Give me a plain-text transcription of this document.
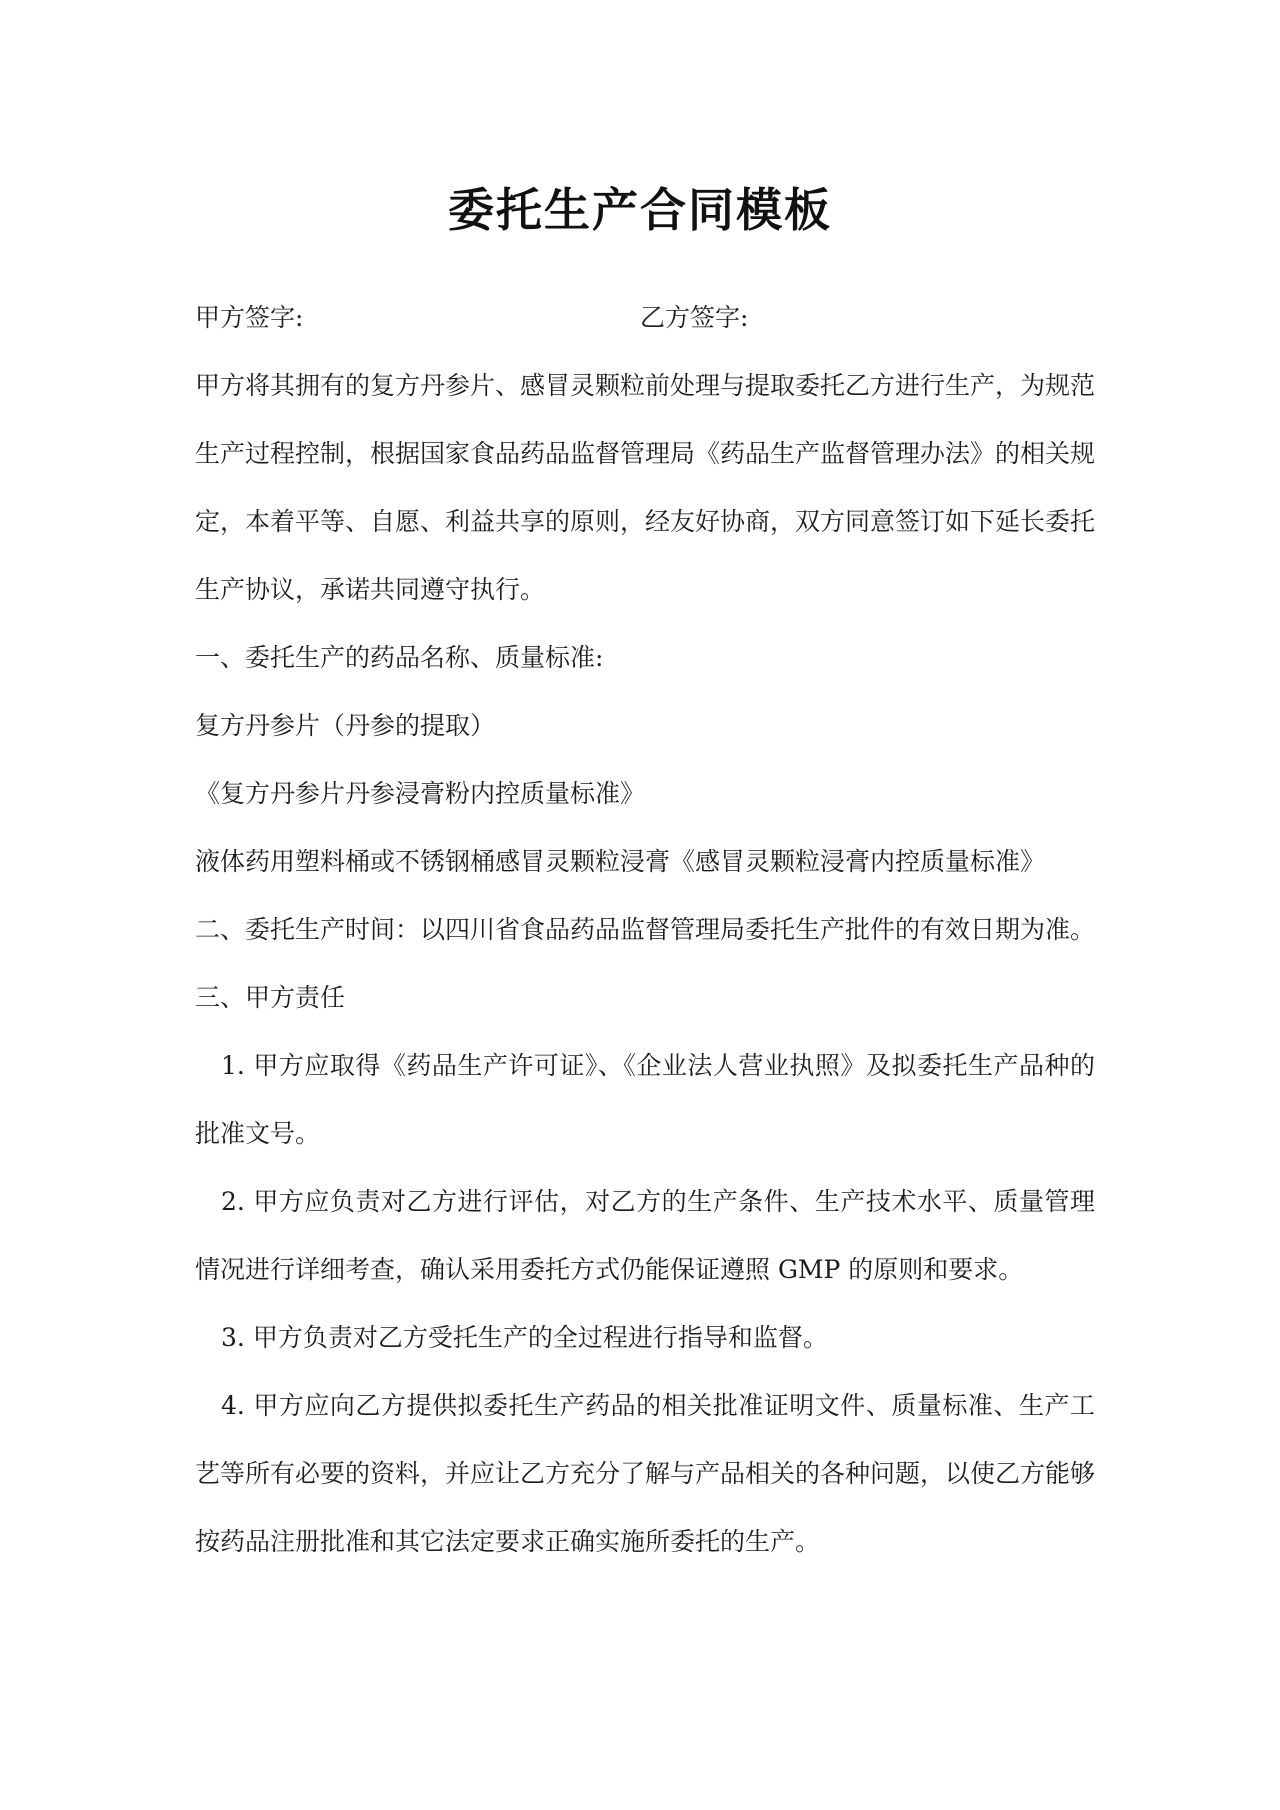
委托生产合同模板
甲方签字:	乙方签字:

甲方将其拥有的复方丹参片、感冒灵颗粒前处理与提取委托乙方进行生产，为规范生产过程控制，根据国家食品药品监督管理局《药品生产监督管理办法》的相关规定，本着平等、自愿、利益共享的原则，经友好协商，双方同意签订如下延长委托生产协议，承诺共同遵守执行。

一、委托生产的药品名称、质量标准:

复方丹参片（丹参的提取）

《复方丹参片丹参浸膏粉内控质量标准》

液体药用塑料桶或不锈钢桶感冒灵颗粒浸膏《感冒灵颗粒浸膏内控质量标准》

二、委托生产时间：以四川省食品药品监督管理局委托生产批件的有效日期为准。

三、甲方责任

1. 甲方应取得《药品生产许可证》、《企业法人营业执照》及拟委托生产品种的批准文号。

2. 甲方应负责对乙方进行评估，对乙方的生产条件、生产技术水平、质量管理情况进行详细考查，确认采用委托方式仍能保证遵照 GMP 的原则和要求。

3. 甲方负责对乙方受托生产的全过程进行指导和监督。

4. 甲方应向乙方提供拟委托生产药品的相关批准证明文件、质量标准、生产工艺等所有必要的资料，并应让乙方充分了解与产品相关的各种问题，以使乙方能够按药品注册批准和其它法定要求正确实施所委托的生产。
